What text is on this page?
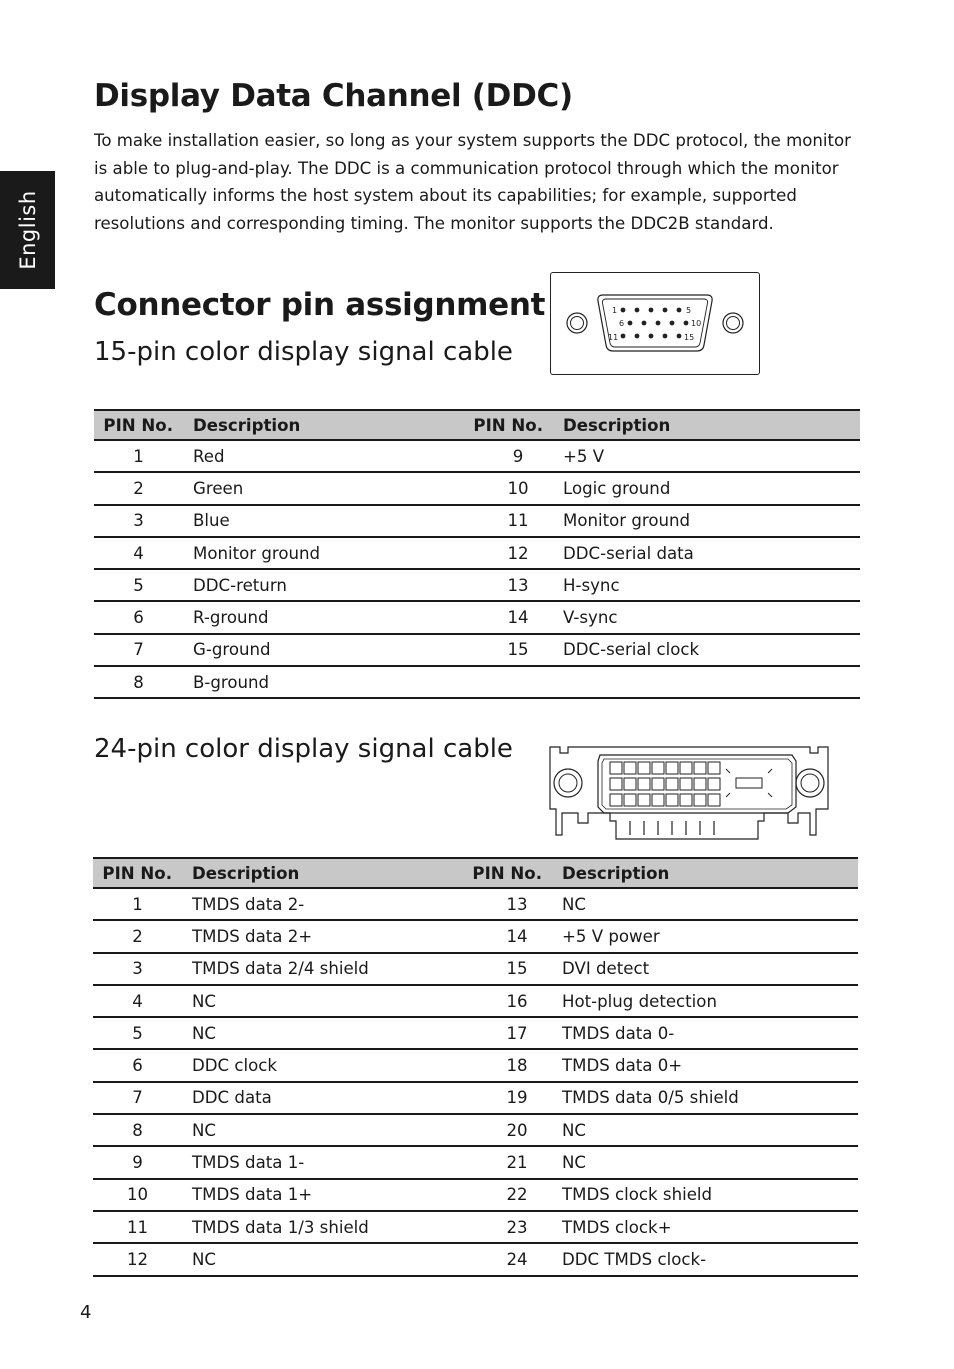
English
Display Data Channel (DDC)

To make installation easier, so long as your system supports the DDC protocol, the monitor is able to plug-and-play. The DDC is a communication protocol through which the monitor automatically informs the host system about its capabilities; for example, supported resolutions and corresponding timing. The monitor supports the DDC2B standard.

Connector pin assignment
15-pin color display signal cable
1	5
6	10
11	15
PIN No.	Description	PIN No.	Description
1	Red	9	+5 V
2	Green	10	Logic ground
3	Blue	11	Monitor ground
4	Monitor ground	12	DDC-serial data
5	DDC-return	13	H-sync
6	R-ground	14	V-sync
7	G-ground	15	DDC-serial clock
8	B-ground		
24-pin color display signal cable
PIN No.	Description	PIN No.	Description
1	TMDS data 2-	13	NC
2	TMDS data 2+	14	+5 V power
3	TMDS data 2/4 shield	15	DVI detect
4	NC	16	Hot-plug detection
5	NC	17	TMDS data 0-
6	DDC clock	18	TMDS data 0+
7	DDC data	19	TMDS data 0/5 shield
8	NC	20	NC
9	TMDS data 1-	21	NC
10	TMDS data 1+	22	TMDS clock shield
11	TMDS data 1/3 shield	23	TMDS clock+
12	NC	24	DDC TMDS clock-
4
